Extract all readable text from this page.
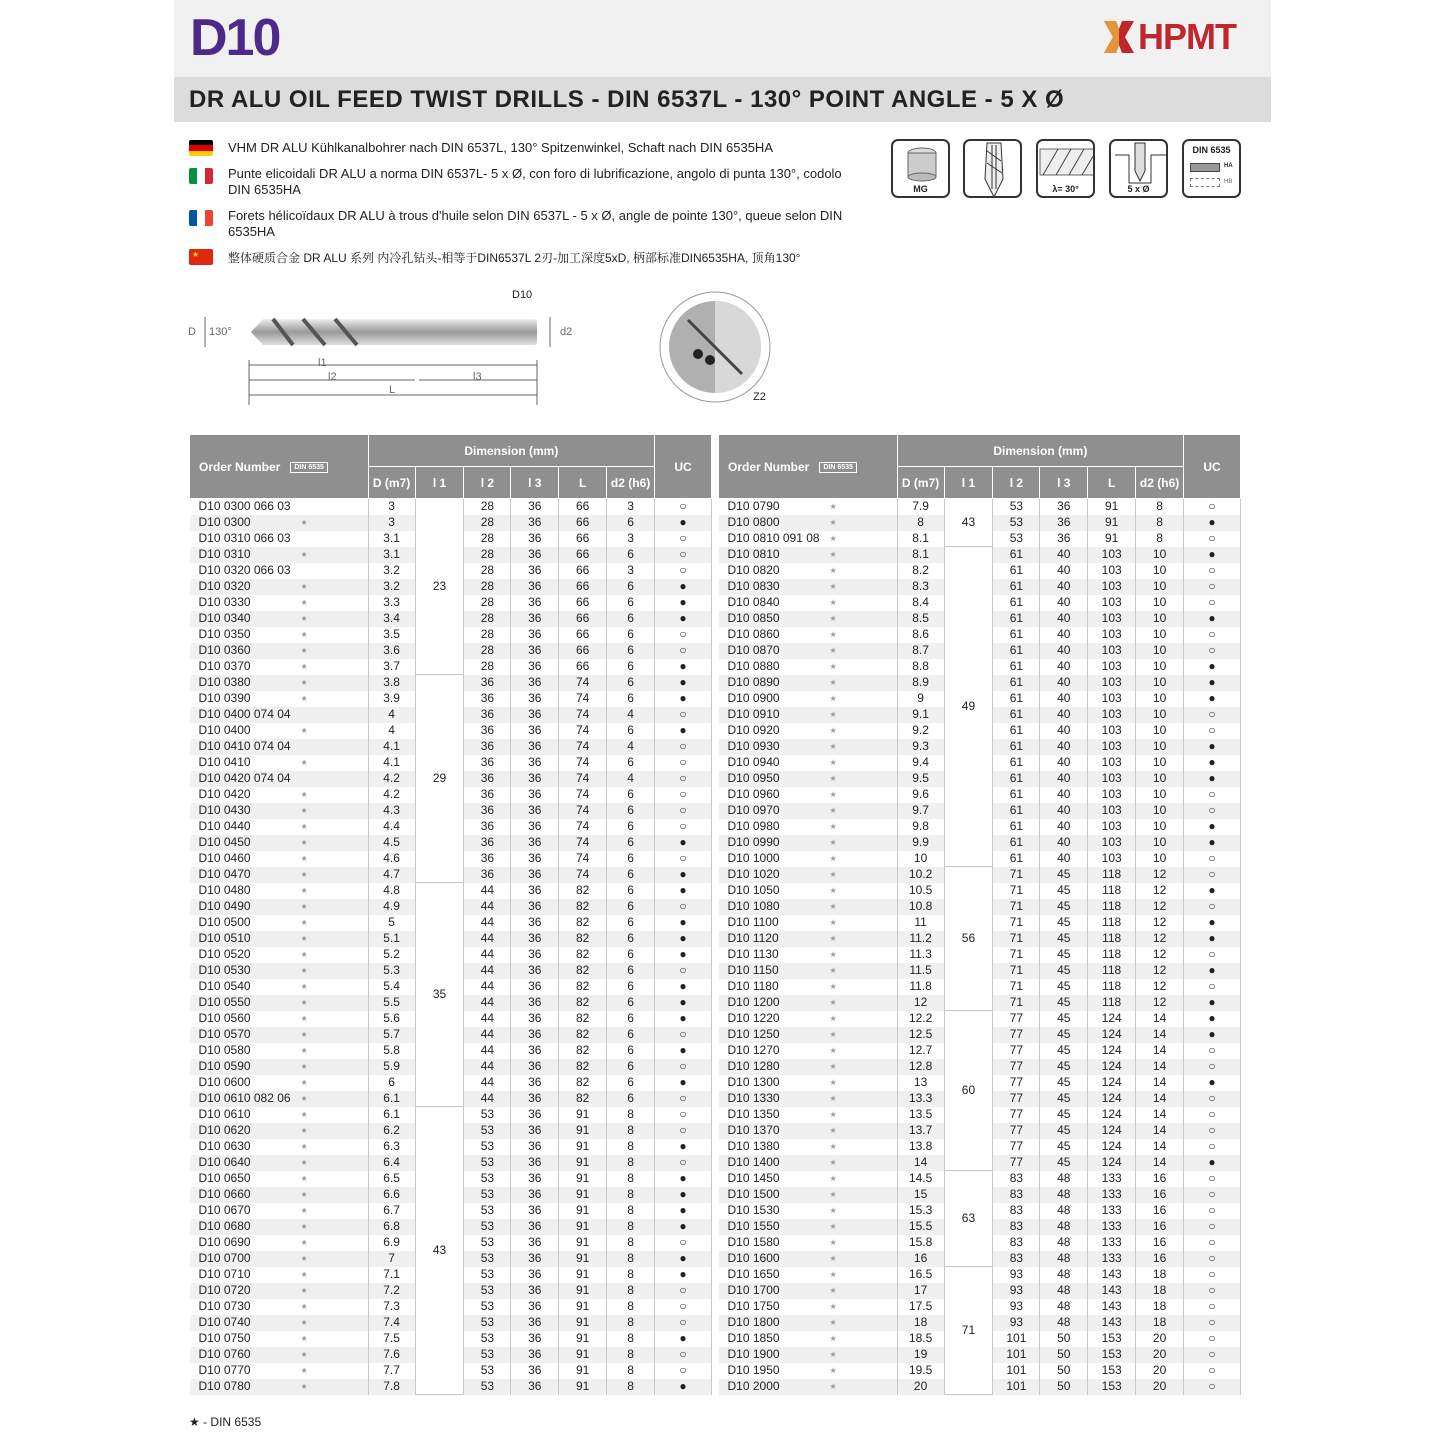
D10	HPMT
DR ALU OIL FEED TWIST DRILLS - DIN 6537L - 130° POINT ANGLE - 5 X Ø
VHM DR ALU Kühlkanalbohrer nach DIN 6537L, 130° Spitzenwinkel, Schaft nach DIN 6535HA
Punte elicoidali DR ALU a norma DIN 6537L- 5 x Ø, con foro di lubrificazione, angolo di punta 130°, codolo DIN 6535HA
Forets hélicoïdaux DR ALU à trous d'huile selon DIN 6537L - 5 x Ø, angle de pointe 130°, queue selon DIN 6535HA
★ 整体硬质合金 DR ALU 系列 内冷孔钻头-相等于DIN6537L 2刃-加工深度5xD, 柄部标准DIN6535HA, 顶角130°
MG	λ= 30°	5 x Ø
DIN 6535
HA
HB
D10
D 130°	d2
l1
l2	l3
L
Z2
Order Number DIN 6535	Dimension (mm)						UC
	D (m7)	l 1	l 2	l 3	L	d2 (h6)	
D10 0300 066 03	3	23	28	36	66	3	○
D10 0300 ★	3		28	36	66	6	●
D10 0310 066 03	3.1		28	36	66	3	○
D10 0310 ★	3.1		28	36	66	6	○
D10 0320 066 03	3.2		28	36	66	3	○
D10 0320 ★	3.2		28	36	66	6	●
D10 0330 ★	3.3		28	36	66	6	●
D10 0340 ★	3.4		28	36	66	6	●
D10 0350 ★	3.5		28	36	66	6	○
D10 0360 ★	3.6		28	36	66	6	○
D10 0370 ★	3.7		28	36	66	6	●
D10 0380 ★	3.8	29	36	36	74	6	●
D10 0390 ★	3.9		36	36	74	6	●
D10 0400 074 04	4		36	36	74	4	○
D10 0400 ★	4		36	36	74	6	●
D10 0410 074 04	4.1		36	36	74	4	○
D10 0410 ★	4.1		36	36	74	6	○
D10 0420 074 04	4.2		36	36	74	4	○
D10 0420 ★	4.2		36	36	74	6	○
D10 0430 ★	4.3		36	36	74	6	○
D10 0440 ★	4.4		36	36	74	6	○
D10 0450 ★	4.5		36	36	74	6	●
D10 0460 ★	4.6		36	36	74	6	○
D10 0470 ★	4.7		36	36	74	6	●
D10 0480 ★	4.8	35	44	36	82	6	●
D10 0490 ★	4.9		44	36	82	6	○
D10 0500 ★	5		44	36	82	6	●
D10 0510 ★	5.1		44	36	82	6	●
D10 0520 ★	5.2		44	36	82	6	●
D10 0530 ★	5.3		44	36	82	6	○
D10 0540 ★	5.4		44	36	82	6	●
D10 0550 ★	5.5		44	36	82	6	●
D10 0560 ★	5.6		44	36	82	6	●
D10 0570 ★	5.7		44	36	82	6	○
D10 0580 ★	5.8		44	36	82	6	●
D10 0590 ★	5.9		44	36	82	6	○
D10 0600 ★	6		44	36	82	6	●
D10 0610 082 06 ★	6.1		44	36	82	6	○
D10 0610 ★	6.1	43	53	36	91	8	○
D10 0620 ★	6.2		53	36	91	8	○
D10 0630 ★	6.3		53	36	91	8	●
D10 0640 ★	6.4		53	36	91	8	○
D10 0650 ★	6.5		53	36	91	8	●
D10 0660 ★	6.6		53	36	91	8	●
D10 0670 ★	6.7		53	36	91	8	●
D10 0680 ★	6.8		53	36	91	8	●
D10 0690 ★	6.9		53	36	91	8	○
D10 0700 ★	7		53	36	91	8	●
D10 0710 ★	7.1		53	36	91	8	●
D10 0720 ★	7.2		53	36	91	8	○
D10 0730 ★	7.3		53	36	91	8	○
D10 0740 ★	7.4		53	36	91	8	○
D10 0750 ★	7.5		53	36	91	8	●
D10 0760 ★	7.6		53	36	91	8	○
D10 0770 ★	7.7		53	36	91	8	○
D10 0780 ★	7.8		53	36	91	8	●
Order Number DIN 6535	Dimension (mm)						UC
	D (m7)	l 1	l 2	l 3	L	d2 (h6)	
D10 0790 ★	7.9	43	53	36	91	8	○
D10 0800 ★	8		53	36	91	8	●
D10 0810 091 08 ★	8.1		53	36	91	8	○
D10 0810 ★	8.1	49	61	40	103	10	●
D10 0820 ★	8.2		61	40	103	10	○
D10 0830 ★	8.3		61	40	103	10	○
D10 0840 ★	8.4		61	40	103	10	○
D10 0850 ★	8.5		61	40	103	10	●
D10 0860 ★	8.6		61	40	103	10	○
D10 0870 ★	8.7		61	40	103	10	○
D10 0880 ★	8.8		61	40	103	10	●
D10 0890 ★	8.9		61	40	103	10	●
D10 0900 ★	9		61	40	103	10	●
D10 0910 ★	9.1		61	40	103	10	○
D10 0920 ★	9.2		61	40	103	10	○
D10 0930 ★	9.3		61	40	103	10	●
D10 0940 ★	9.4		61	40	103	10	●
D10 0950 ★	9.5		61	40	103	10	●
D10 0960 ★	9.6		61	40	103	10	○
D10 0970 ★	9.7		61	40	103	10	○
D10 0980 ★	9.8		61	40	103	10	●
D10 0990 ★	9.9		61	40	103	10	●
D10 1000 ★	10		61	40	103	10	○
D10 1020 ★	10.2	56	71	45	118	12	○
D10 1050 ★	10.5		71	45	118	12	●
D10 1080 ★	10.8		71	45	118	12	○
D10 1100 ★	11		71	45	118	12	●
D10 1120 ★	11.2		71	45	118	12	●
D10 1130 ★	11.3		71	45	118	12	○
D10 1150 ★	11.5		71	45	118	12	●
D10 1180 ★	11.8		71	45	118	12	○
D10 1200 ★	12		71	45	118	12	●
D10 1220 ★	12.2	60	77	45	124	14	●
D10 1250 ★	12.5		77	45	124	14	●
D10 1270 ★	12.7		77	45	124	14	○
D10 1280 ★	12.8		77	45	124	14	○
D10 1300 ★	13		77	45	124	14	●
D10 1330 ★	13.3		77	45	124	14	○
D10 1350 ★	13.5		77	45	124	14	○
D10 1370 ★	13.7		77	45	124	14	○
D10 1380 ★	13.8		77	45	124	14	○
D10 1400 ★	14		77	45	124	14	●
D10 1450 ★	14.5	63	83	48	133	16	○
D10 1500 ★	15		83	48	133	16	○
D10 1530 ★	15.3		83	48	133	16	○
D10 1550 ★	15.5		83	48	133	16	○
D10 1580 ★	15.8		83	48	133	16	○
D10 1600 ★	16		83	48	133	16	○
D10 1650 ★	16.5	71	93	48	143	18	○
D10 1700 ★	17		93	48	143	18	○
D10 1750 ★	17.5		93	48	143	18	○
D10 1800 ★	18		93	48	143	18	○
D10 1850 ★	18.5		101	50	153	20	○
D10 1900 ★	19		101	50	153	20	○
D10 1950 ★	19.5		101	50	153	20	○
D10 2000 ★	20		101	50	153	20	○
★ - DIN 6535
